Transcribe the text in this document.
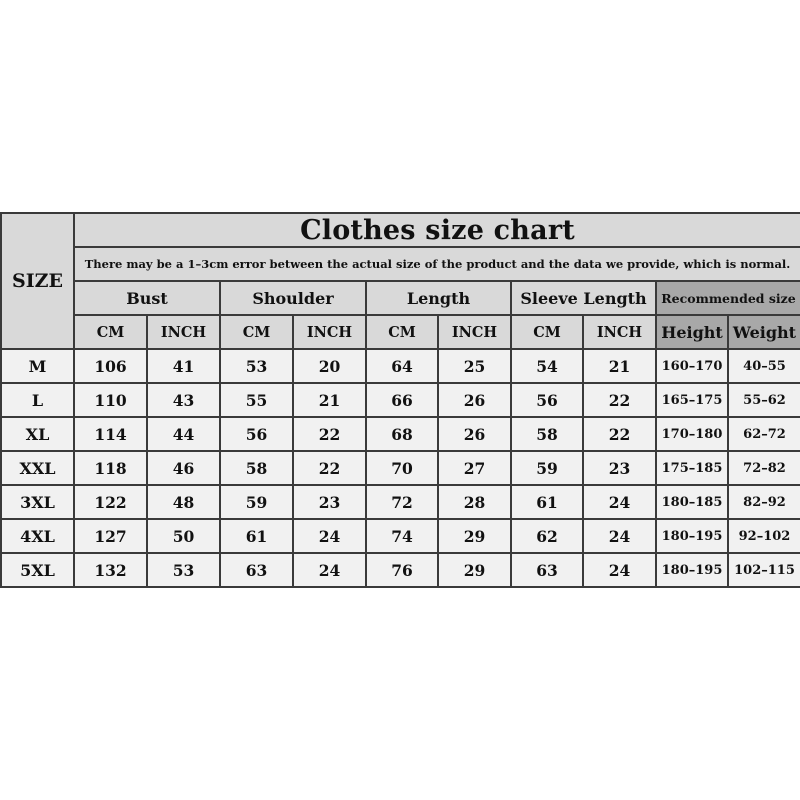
SIZE	Clothes size chart									
	There may be a 1–3cm error between the actual size of the product and the data we provide, which is normal.									
	Bust		Shoulder		Length		Sleeve Length		Recommended size	
	CM	INCH	CM	INCH	CM	INCH	CM	INCH	Height	Weight
M	106	41	53	20	64	25	54	21	160–170	40–55
L	110	43	55	21	66	26	56	22	165–175	55–62
XL	114	44	56	22	68	26	58	22	170–180	62–72
XXL	118	46	58	22	70	27	59	23	175–185	72–82
3XL	122	48	59	23	72	28	61	24	180–185	82–92
4XL	127	50	61	24	74	29	62	24	180–195	92–102
5XL	132	53	63	24	76	29	63	24	180–195	102–115
